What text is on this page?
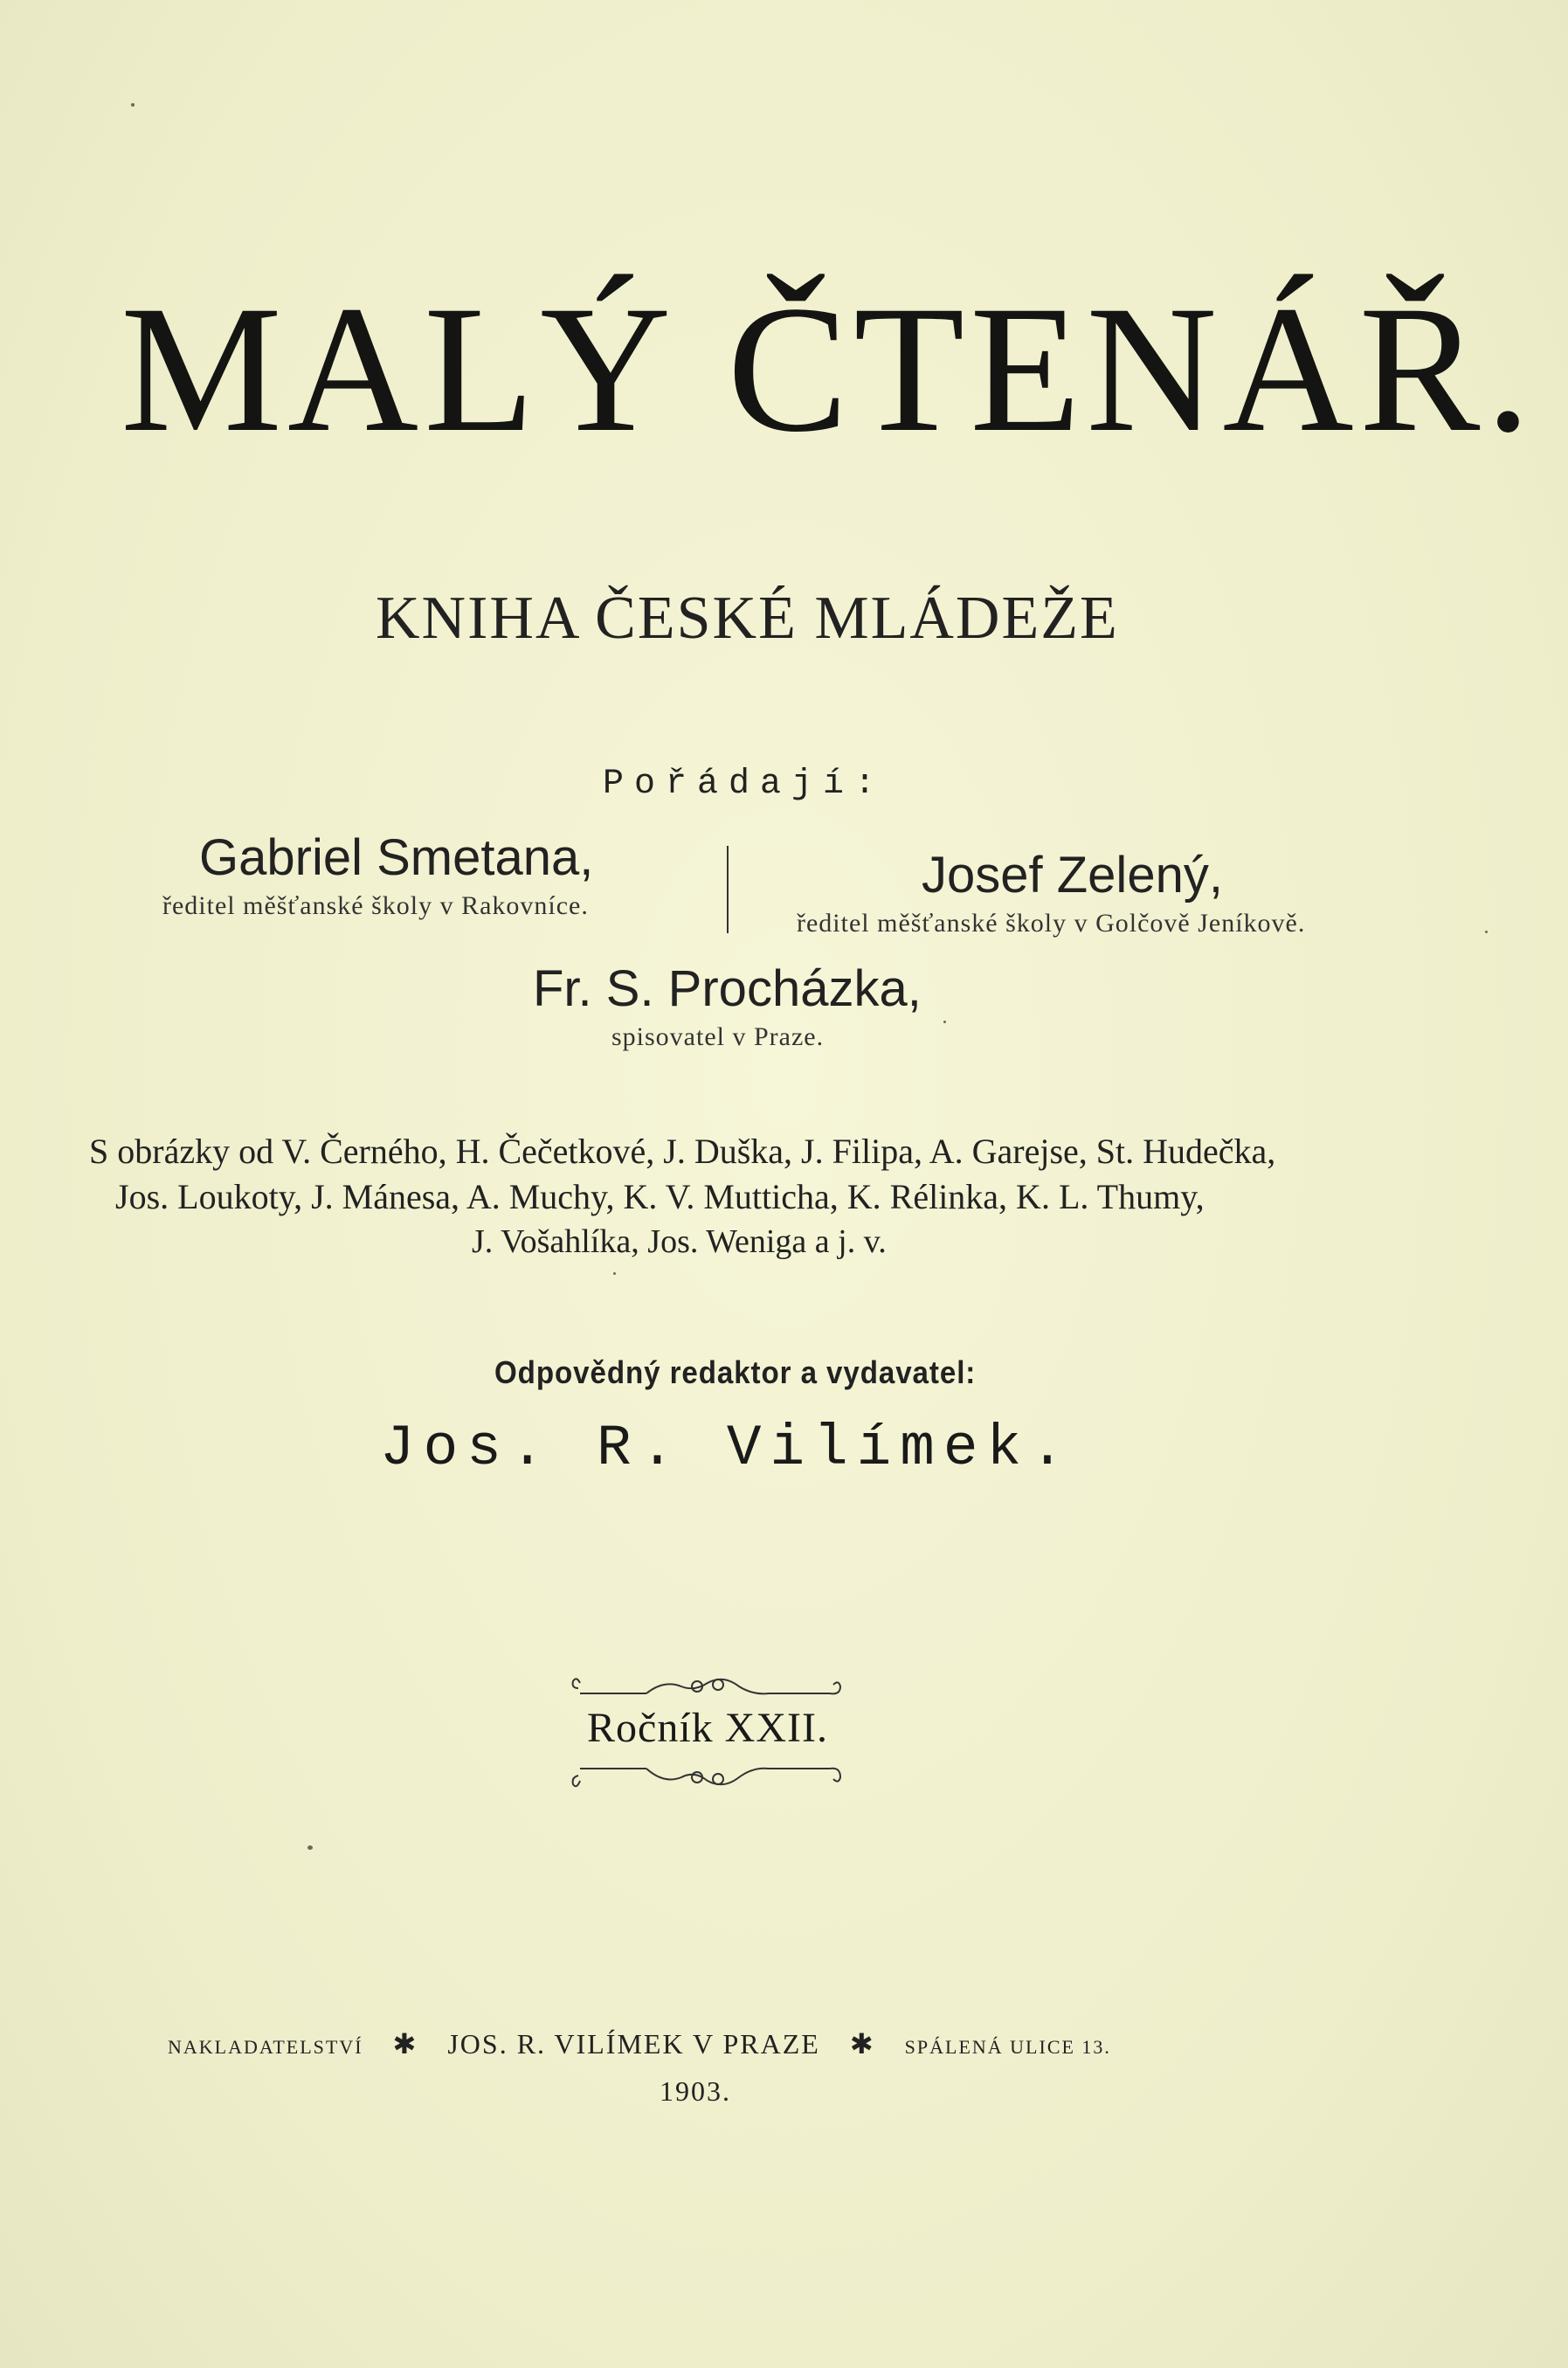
MALÝ ČTENÁŘ.
KNIHA ČESKÉ MLÁDEŽE
Pořádají:
Gabriel Smetana,
ředitel měšťanské školy v Rakovníce.
Josef Zelený,
ředitel měšťanské školy v Golčově Jeníkově.
Fr. S. Procházka,
spisovatel v Praze.
S obrázky od V. Černého, H. Čečetkové, J. Duška, J. Filipa, A. Garejse, St. Hudečka,
Jos. Loukoty, J. Mánesa, A. Muchy, K. V. Mutticha, K. Rélinka, K. L. Thumy,
J. Vošahlíka, Jos. Weniga a j. v.
Odpovědný redaktor a vydavatel:
Jos. R. Vilímek.
Ročník XXII.
NAKLADATELSTVÍ ✱ JOS. R. VILÍMEK V PRAZE ✱ SPÁLENÁ ULICE 13.
1903.
